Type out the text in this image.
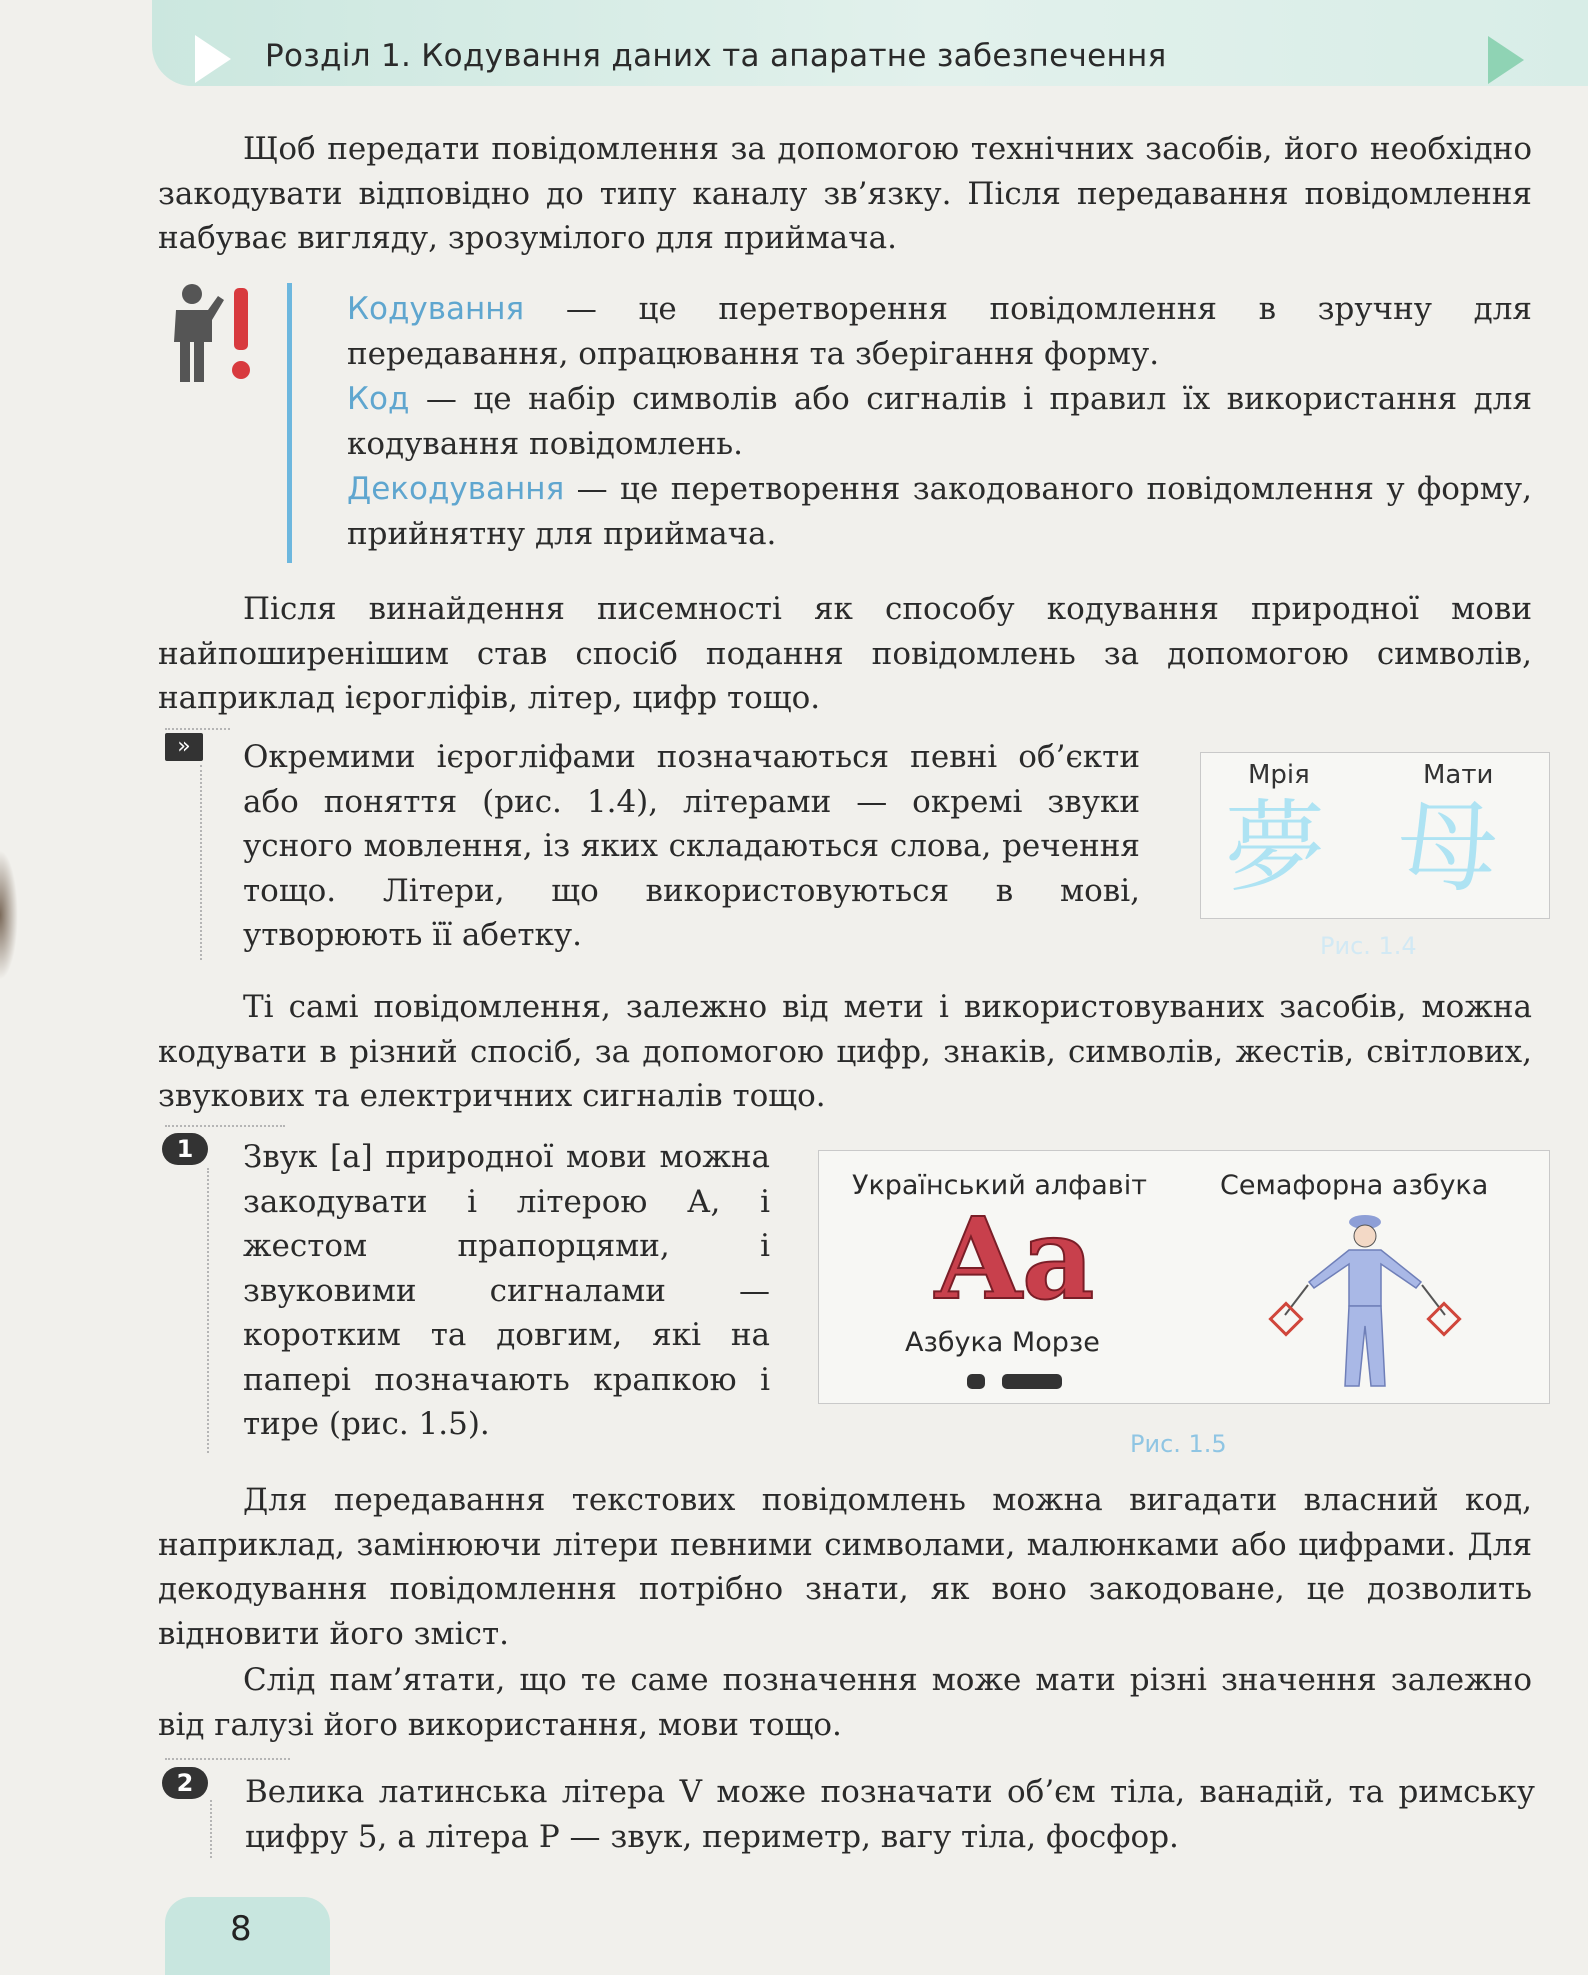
Розділ 1. Кодування даних та апаратне забезпечення
Щоб передати повідомлення за допомогою технічних засобів, його необхідно закодувати відповідно до типу каналу зв’язку. Після передавання повідомлення набуває вигляду, зрозумілого для приймача.
Кодування — це перетворення повідомлення в зручну для передавання, опрацювання та зберігання форму.
Код — це набір символів або сигналів і правил їх використання для кодування повідомлень.
Декодування — це перетворення закодованого повідомлення у форму, прийнятну для приймача.
Після винайдення писемності як способу кодування природної мови найпоширенішим став спосіб подання повідомлень за допомогою символів, наприклад ієрогліфів, літер, цифр тощо.
»	Окремими ієрогліфами позначаються певні об’єкти або поняття (рис. 1.4), літерами — окремі звуки усного мовлення, із яких складаються слова, речення тощо. Літери, що використовуються в мові, утворюють її абетку.
Мрія	Мати
夢 母
Рис. 1.4
Ті самі повідомлення, залежно від мети і використовуваних засобів, можна кодувати в різний спосіб, за допомогою цифр, знаків, символів, жестів, світлових, звукових та електричних сигналів тощо.
1	Звук [а] природної мови можна закодувати і літерою А, і жестом прапорцями, і звуковими сигналами — коротким та довгим, які на папері позначають крапкою і тире (рис. 1.5).
Український алфавіт	Семафорна азбука
Aa
Азбука Морзе
Рис. 1.5
Для передавання текстових повідомлень можна вигадати власний код, наприклад, замінюючи літери певними символами, малюнками або цифрами. Для декодування повідомлення потрібно знати, як воно закодоване, це дозволить відновити його зміст.
Слід пам’ятати, що те саме позначення може мати різні значення залежно від галузі його використання, мови тощо.
2	Велика латинська літера V може позначати об’єм тіла, ванадій, та римську цифру 5, а літера P — звук, периметр, вагу тіла, фосфор.
8
